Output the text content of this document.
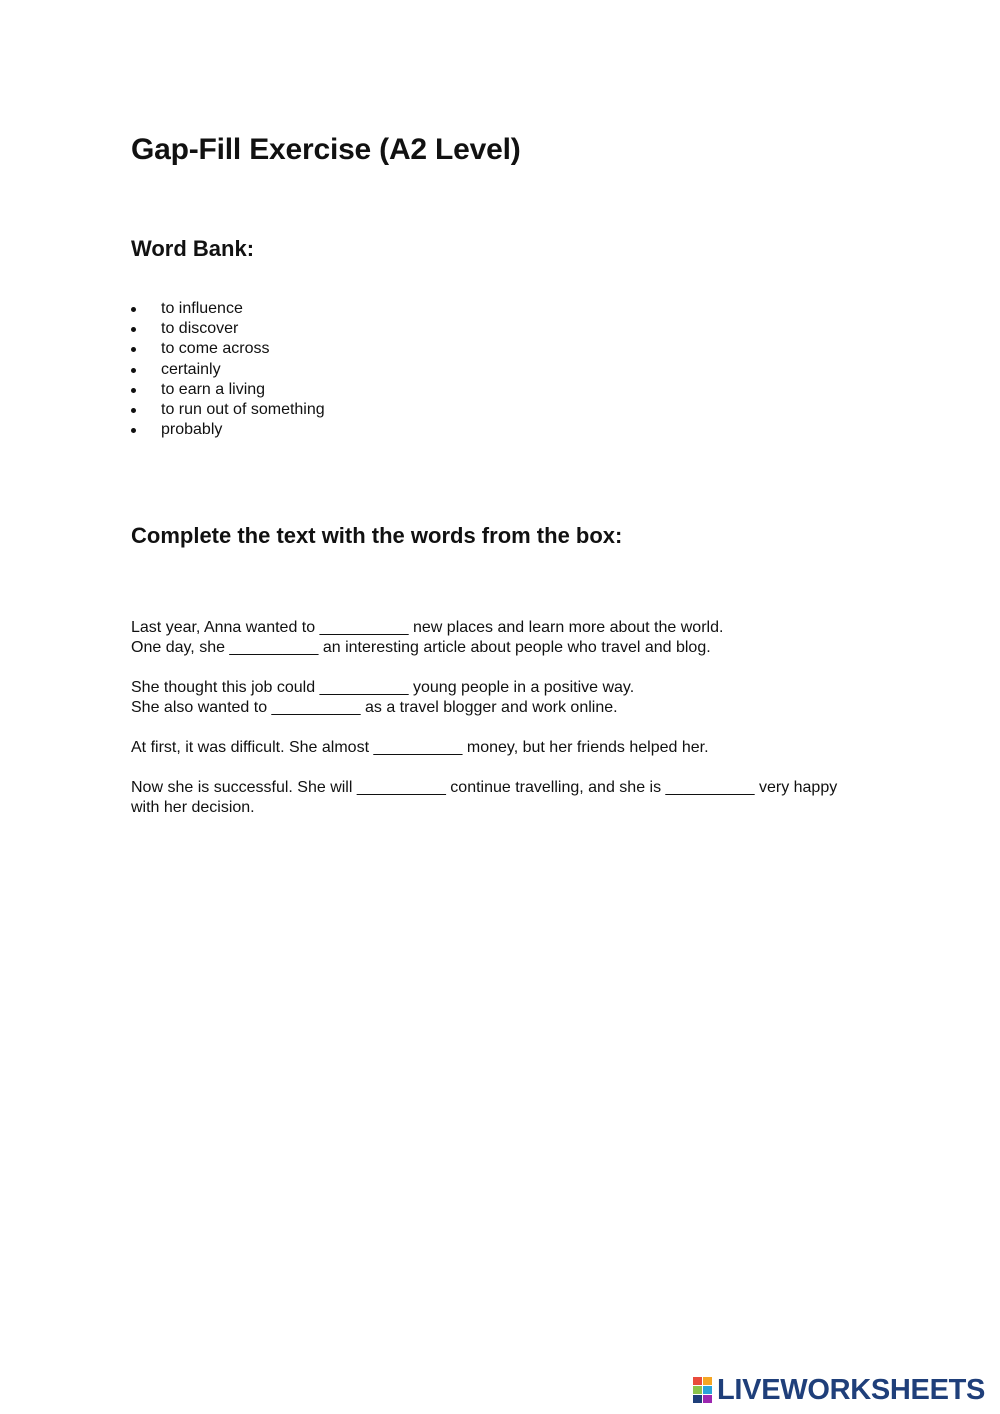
Gap-Fill Exercise (A2 Level)
Word Bank:
to influence
to discover
to come across
certainly
to earn a living
to run out of something
probably
Complete the text with the words from the box:

Last year, Anna wanted to __________ new places and learn more about the world.

One day, she __________ an interesting article about people who travel and blog.

She thought this job could __________ young people in a positive way.

She also wanted to __________ as a travel blogger and work online.

At first, it was difficult. She almost __________ money, but her friends helped her.

Now she is successful. She will __________ continue travelling, and she is __________ very happy with her decision.

LIVEWORKSHEETS
